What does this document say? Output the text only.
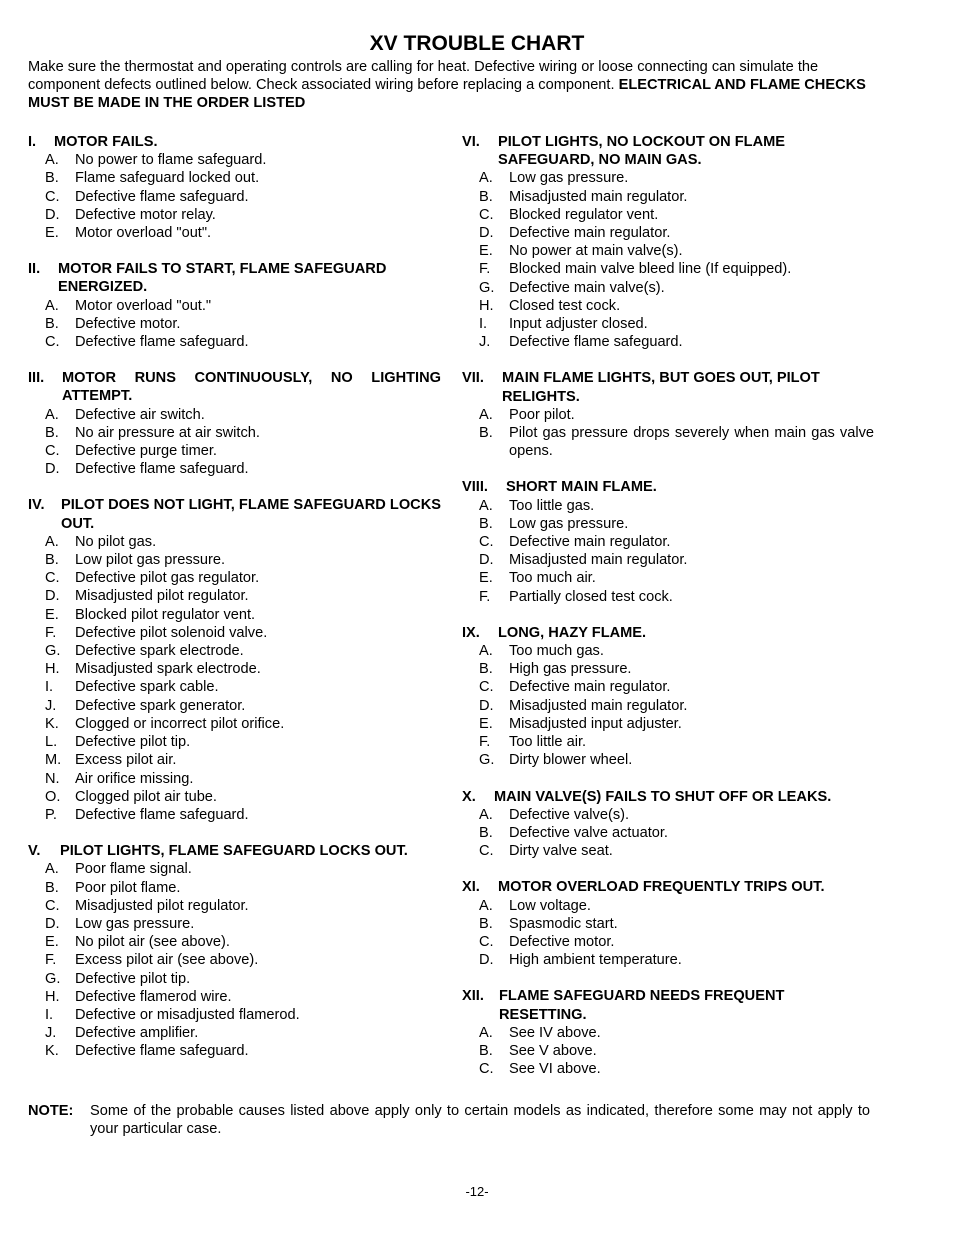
XV TROUBLE CHART
Make sure the thermostat and operating controls are calling for heat. Defective wiring or loose connecting can simulate the component defects outlined below. Check associated wiring before replacing a component. ELECTRICAL AND FLAME CHECKS MUST BE MADE IN THE ORDER LISTED
I.	MOTOR FAILS.
A.	No power to flame safeguard.
B.	Flame safeguard locked out.
C.	Defective flame safeguard.
D.	Defective motor relay.
E.	Motor overload "out".
II.	MOTOR FAILS TO START, FLAME SAFEGUARD ENERGIZED.
A.	Motor overload "out."
B.	Defective motor.
C.	Defective flame safeguard.
III.	MOTOR RUNS CONTINUOUSLY, NO LIGHTING ATTEMPT.
A.	Defective air switch.
B.	No air pressure at air switch.
C.	Defective purge timer.
D.	Defective flame safeguard.
IV.	PILOT DOES NOT LIGHT, FLAME SAFEGUARD LOCKS OUT.
A.	No pilot gas.
B.	Low pilot gas pressure.
C.	Defective pilot gas regulator.
D.	Misadjusted pilot regulator.
E.	Blocked pilot regulator vent.
F.	Defective pilot solenoid valve.
G. Defective spark electrode.
H.	Misadjusted spark electrode.
I.	Defective spark cable.
J.	Defective spark generator.
K.	Clogged or incorrect pilot orifice.
L.	Defective pilot tip.
M. Excess pilot air.
N.	Air orifice missing.
O. Clogged pilot air tube.
P.	Defective flame safeguard.
V.	PILOT LIGHTS, FLAME SAFEGUARD LOCKS OUT.
A.	Poor flame signal.
B.	Poor pilot flame.
C.	Misadjusted pilot regulator.
D.	Low gas pressure.
E.	No pilot air (see above).
F.	Excess pilot air (see above).
G. Defective pilot tip.
H.	Defective flamerod wire.
I.	Defective or misadjusted flamerod.
J.	Defective amplifier.
K.	Defective flame safeguard.
VI.	PILOT LIGHTS, NO LOCKOUT ON FLAME SAFEGUARD, NO MAIN GAS.
A.	Low gas pressure.
B.	Misadjusted main regulator.
C.	Blocked regulator vent.
D.	Defective main regulator.
E.	No power at main valve(s).
F.	Blocked main valve bleed line (If equipped).
G. Defective main valve(s).
H.	Closed test cock.
I.	Input adjuster closed.
J.	Defective flame safeguard.
VII.	MAIN FLAME LIGHTS, BUT GOES OUT, PILOT RELIGHTS.
A.	Poor pilot.
B.	Pilot gas pressure drops severely when main gas valve opens.
VIII.	SHORT MAIN FLAME.
A.	Too little gas.
B.	Low gas pressure.
C.	Defective main regulator.
D.	Misadjusted main regulator.
E.	Too much air.
F.	Partially closed test cock.
IX.	LONG, HAZY FLAME.
A.	Too much gas.
B.	High gas pressure.
C.	Defective main regulator.
D.	Misadjusted main regulator.
E.	Misadjusted input adjuster.
F.	Too little air.
G. Dirty blower wheel.
X.	MAIN VALVE(S) FAILS TO SHUT OFF OR LEAKS.
A.	Defective valve(s).
B.	Defective valve actuator.
C.	Dirty valve seat.
XI.	MOTOR OVERLOAD FREQUENTLY TRIPS OUT.
A.	Low voltage.
B.	Spasmodic start.
C.	Defective motor.
D.	High ambient temperature.
XII.	FLAME SAFEGUARD NEEDS FREQUENT RESETTING.
A.	See IV above.
B.	See V above.
C.	See VI above.
NOTE:	Some of the probable causes listed above apply only to certain models as indicated, therefore some may not apply to your particular case.
-12-
